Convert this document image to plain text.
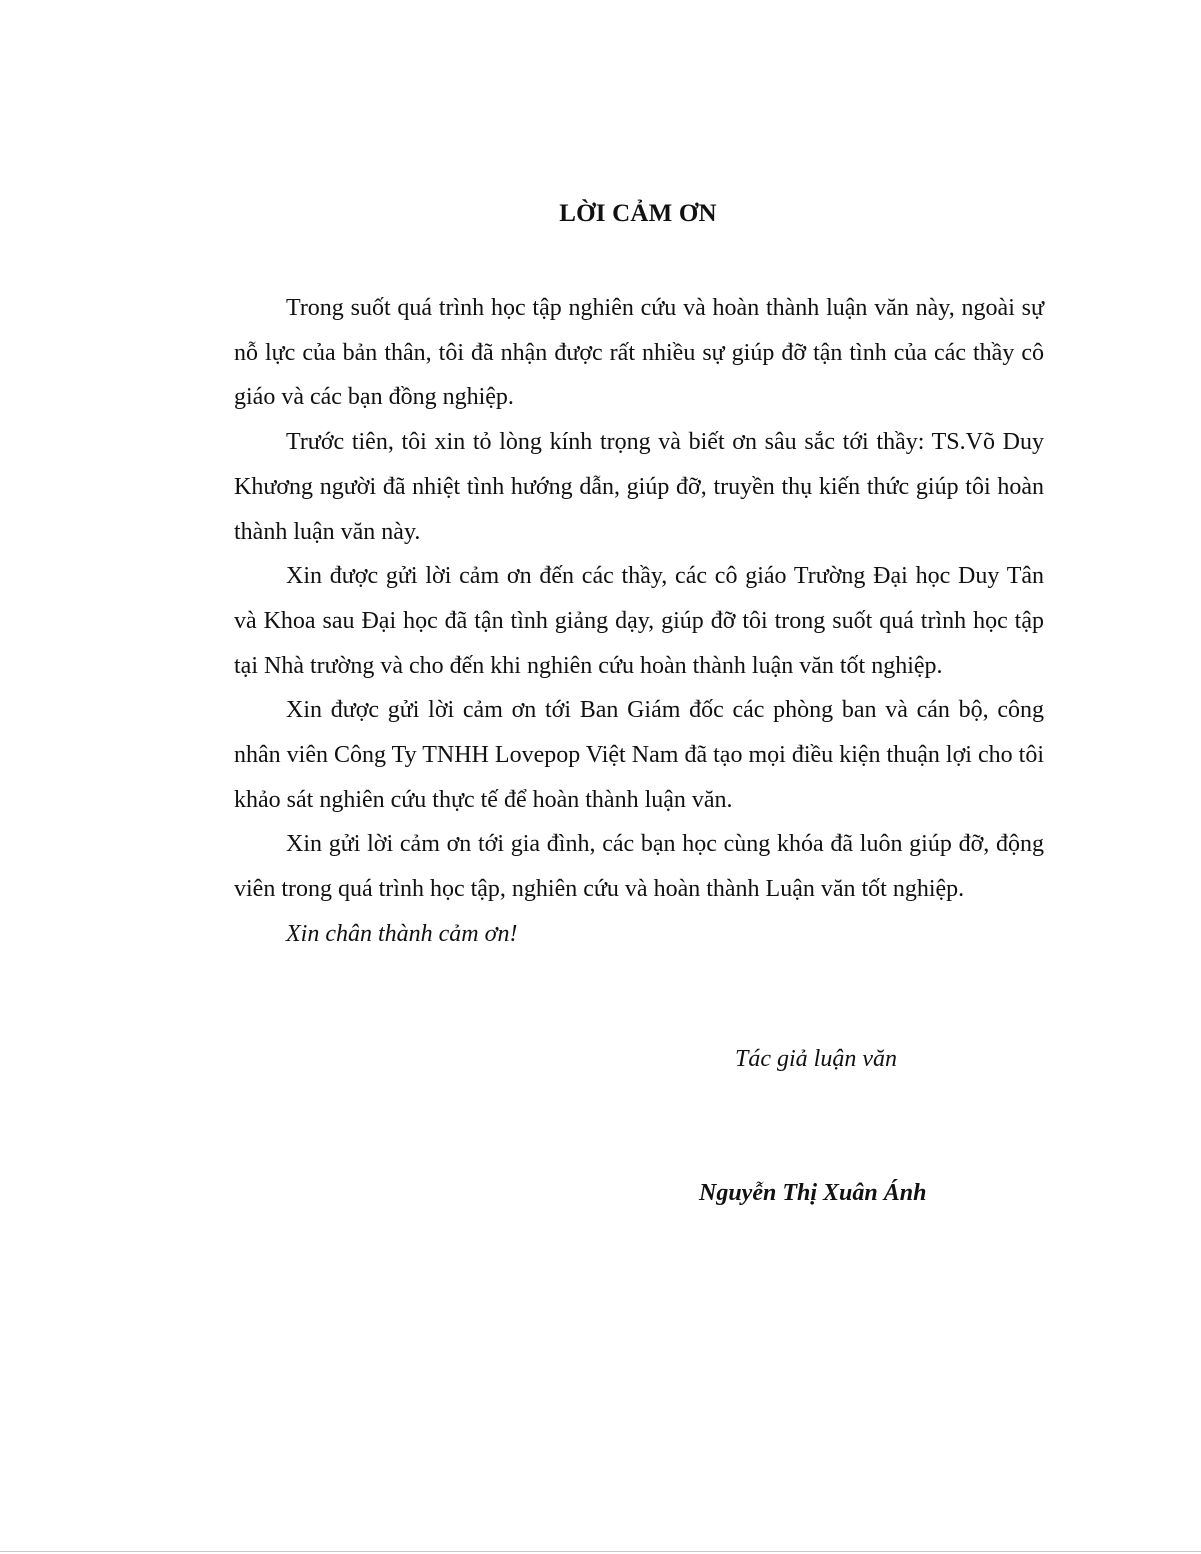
LỜI CẢM ƠN

Trong suốt quá trình học tập nghiên cứu và hoàn thành luận văn này, ngoài sự nỗ lực của bản thân, tôi đã nhận được rất nhiều sự giúp đỡ tận tình của các thầy cô giáo và các bạn đồng nghiệp.

Trước tiên, tôi xin tỏ lòng kính trọng và biết ơn sâu sắc tới thầy: TS.Võ Duy Khương người đã nhiệt tình hướng dẫn, giúp đỡ, truyền thụ kiến thức giúp tôi hoàn thành luận văn này.

Xin được gửi lời cảm ơn đến các thầy, các cô giáo Trường Đại học Duy Tân và Khoa sau Đại học đã tận tình giảng dạy, giúp đỡ tôi trong suốt quá trình học tập tại Nhà trường và cho đến khi nghiên cứu hoàn thành luận văn tốt nghiệp.

Xin được gửi lời cảm ơn tới Ban Giám đốc các phòng ban và cán bộ, công nhân viên Công Ty TNHH Lovepop Việt Nam đã tạo mọi điều kiện thuận lợi cho tôi khảo sát nghiên cứu thực tế để hoàn thành luận văn.

Xin gửi lời cảm ơn tới gia đình, các bạn học cùng khóa đã luôn giúp đỡ, động viên trong quá trình học tập, nghiên cứu và hoàn thành Luận văn tốt nghiệp.

Xin chân thành cảm ơn!

Tác giả luận văn
Nguyễn Thị Xuân Ánh
